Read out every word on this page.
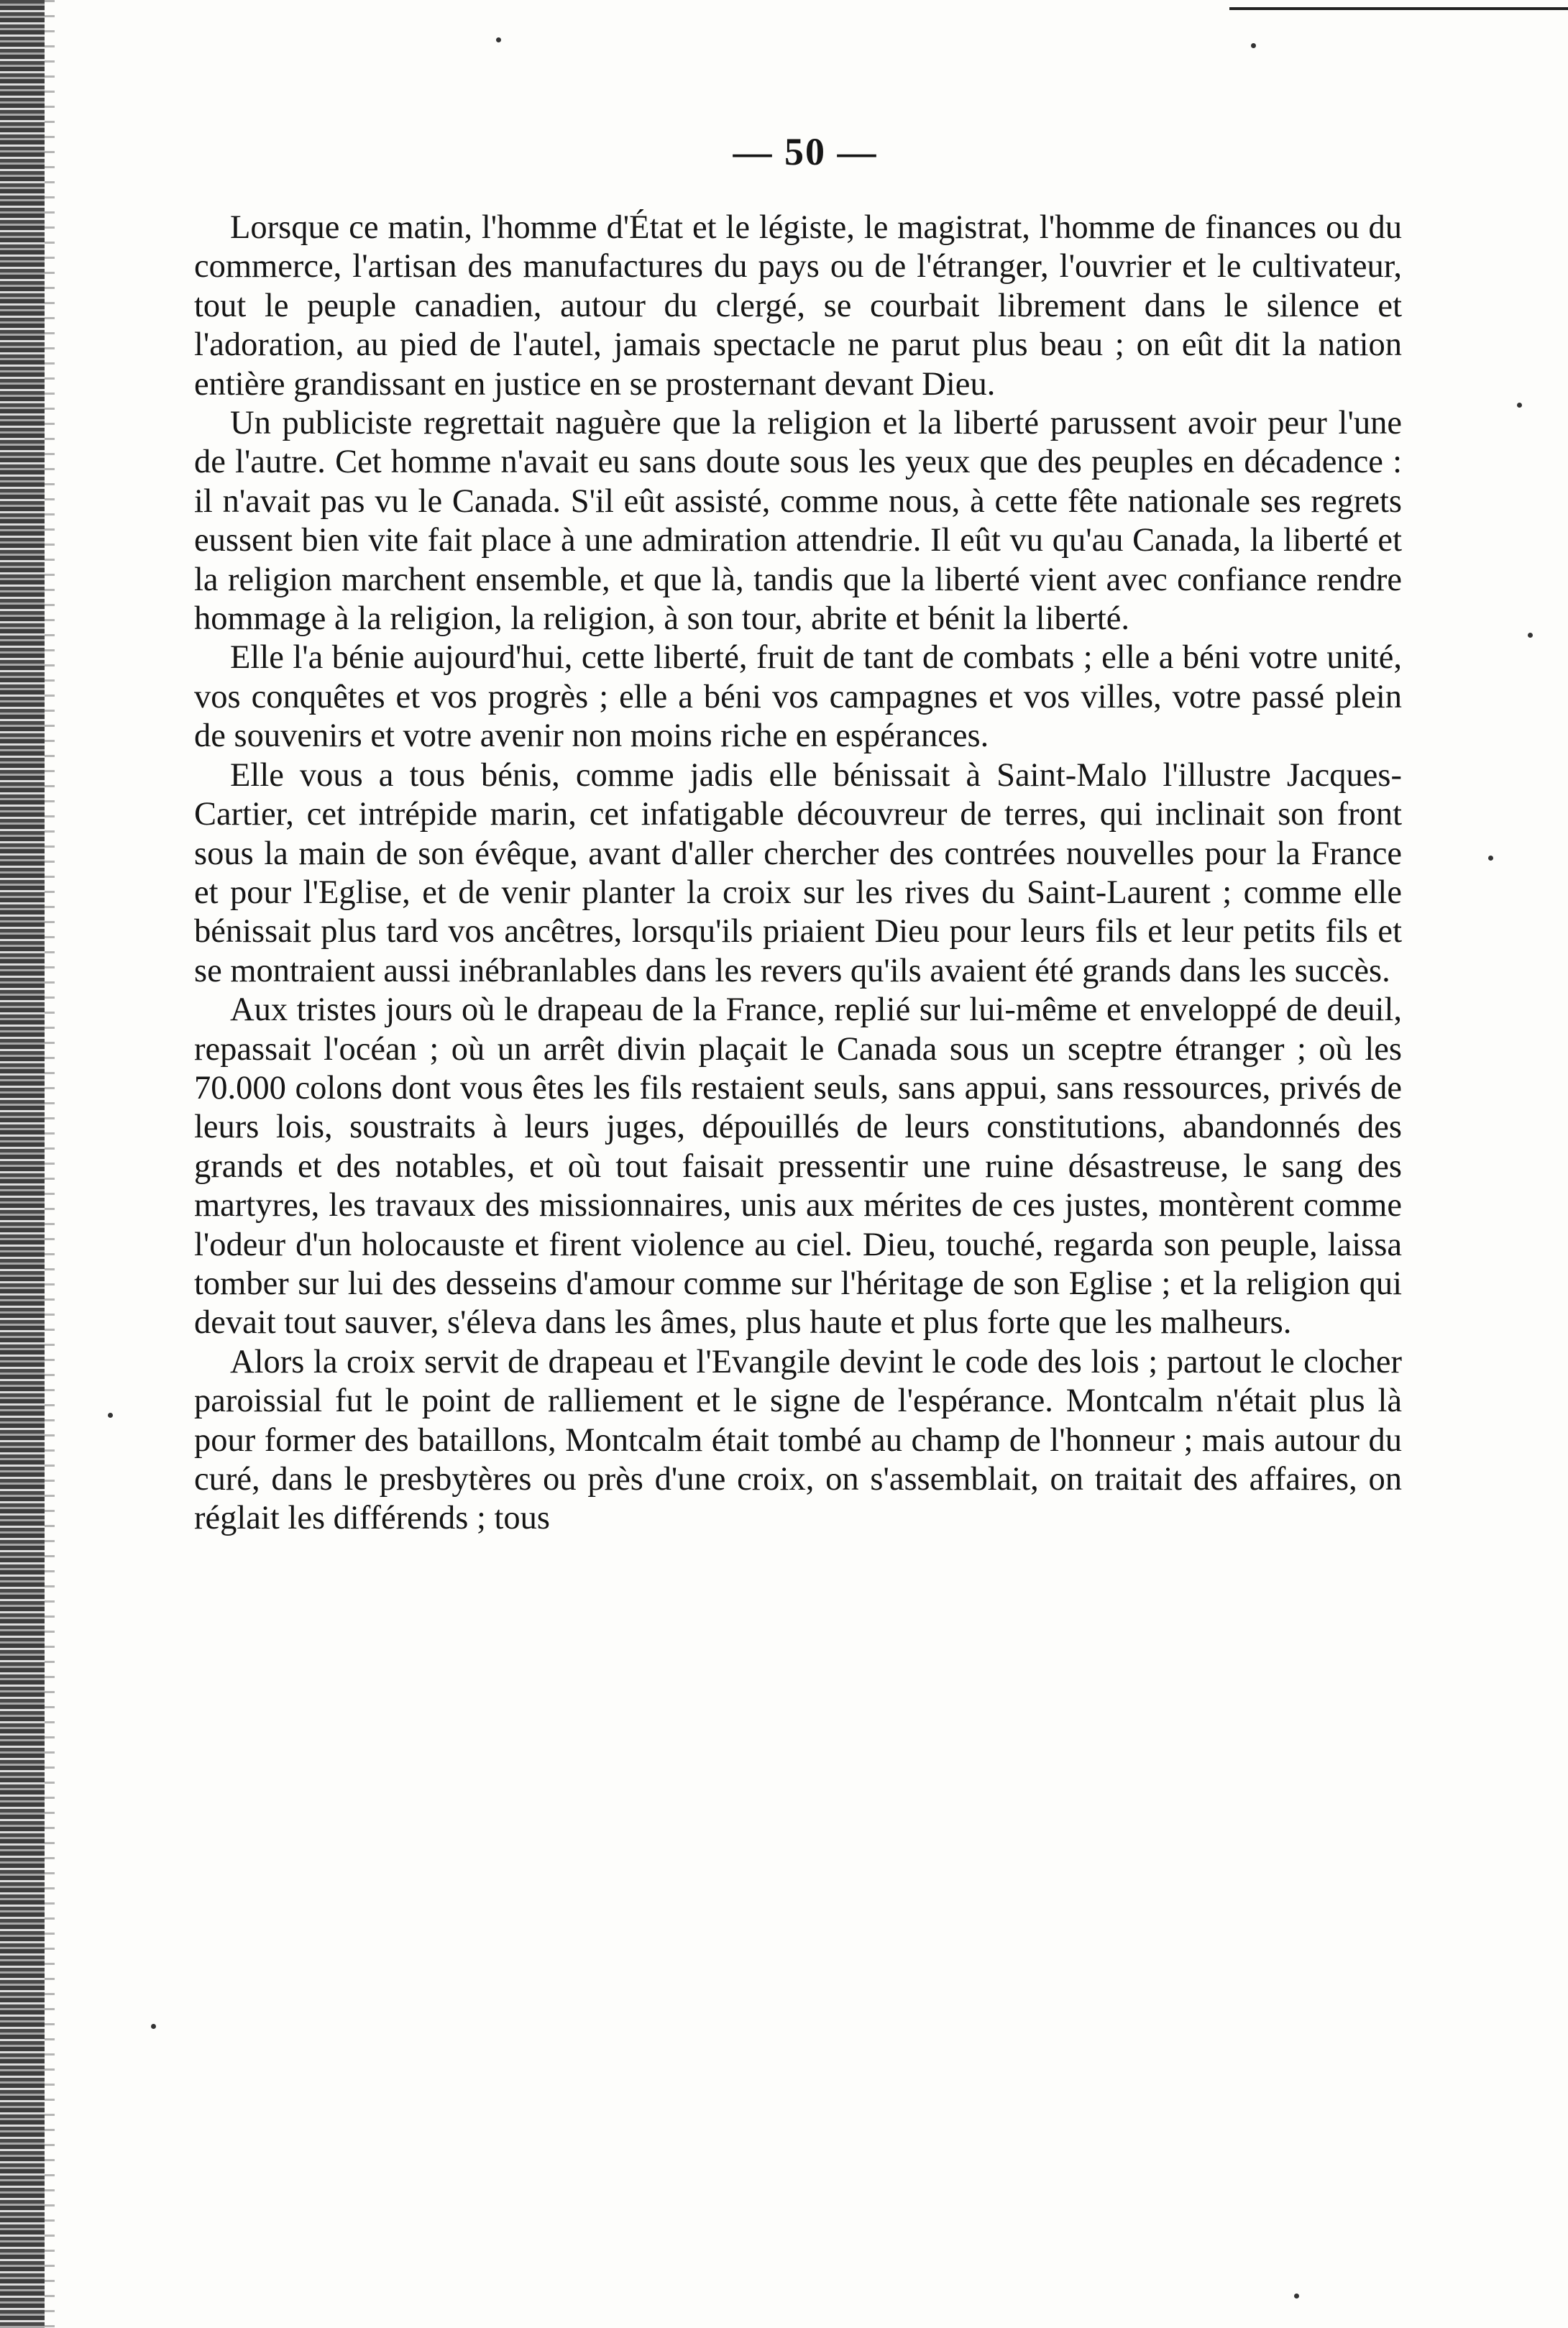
— 50 —

Lorsque ce matin, l'homme d'État et le légiste, le magistrat, l'homme de finances ou du commerce, l'artisan des manufactures du pays ou de l'étranger, l'ouvrier et le cultivateur, tout le peuple canadien, autour du clergé, se courbait librement dans le silence et l'adoration, au pied de l'autel, jamais spectacle ne parut plus beau ; on eût dit la nation entière grandissant en justice en se prosternant devant Dieu.

Un publiciste regrettait naguère que la religion et la liberté parussent avoir peur l'une de l'autre. Cet homme n'avait eu sans doute sous les yeux que des peuples en décadence : il n'avait pas vu le Canada. S'il eût assisté, comme nous, à cette fête nationale ses regrets eussent bien vite fait place à une admiration attendrie. Il eût vu qu'au Canada, la liberté et la religion marchent ensemble, et que là, tandis que la liberté vient avec confiance rendre hommage à la religion, la religion, à son tour, abrite et bénit la liberté.

Elle l'a bénie aujourd'hui, cette liberté, fruit de tant de combats ; elle a béni votre unité, vos conquêtes et vos progrès ; elle a béni vos campagnes et vos villes, votre passé plein de souvenirs et votre avenir non moins riche en espérances.

Elle vous a tous bénis, comme jadis elle bénissait à Saint-Malo l'illustre Jacques-Cartier, cet intrépide marin, cet infatigable découvreur de terres, qui inclinait son front sous la main de son évêque, avant d'aller chercher des contrées nouvelles pour la France et pour l'Eglise, et de venir planter la croix sur les rives du Saint-Laurent ; comme elle bénissait plus tard vos ancêtres, lorsqu'ils priaient Dieu pour leurs fils et leur petits fils et se montraient aussi inébranlables dans les revers qu'ils avaient été grands dans les succès.

Aux tristes jours où le drapeau de la France, replié sur lui-même et enveloppé de deuil, repassait l'océan ; où un arrêt divin plaçait le Canada sous un sceptre étranger ; où les 70.000 colons dont vous êtes les fils restaient seuls, sans appui, sans ressources, privés de leurs lois, soustraits à leurs juges, dépouillés de leurs constitutions, abandonnés des grands et des notables, et où tout faisait pressentir une ruine désastreuse, le sang des martyres, les travaux des missionnaires, unis aux mérites de ces justes, montèrent comme l'odeur d'un holocauste et firent violence au ciel. Dieu, touché, regarda son peuple, laissa tomber sur lui des desseins d'amour comme sur l'héritage de son Eglise ; et la religion qui devait tout sauver, s'éleva dans les âmes, plus haute et plus forte que les malheurs.

Alors la croix servit de drapeau et l'Evangile devint le code des lois ; partout le clocher paroissial fut le point de ralliement et le signe de l'espérance. Montcalm n'était plus là pour former des bataillons, Montcalm était tombé au champ de l'honneur ; mais autour du curé, dans le presbytères ou près d'une croix, on s'assemblait, on traitait des affaires, on réglait les différends ; tous
